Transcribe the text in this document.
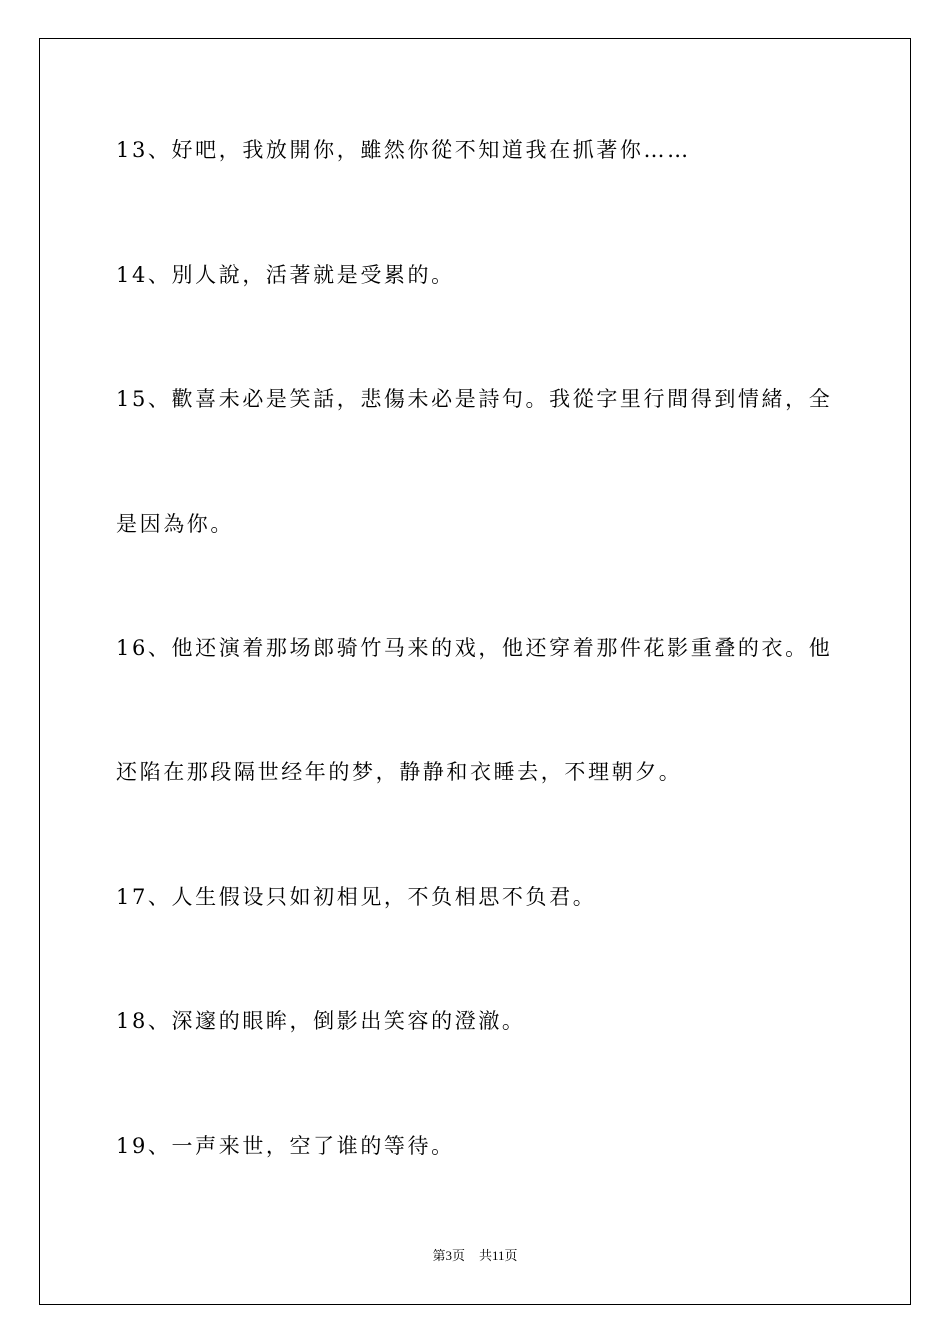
13、好吧，我放開你，雖然你從不知道我在抓著你……
14、別人說，活著就是受累的。
15、歡喜未必是笑話，悲傷未必是詩句。我從字里行間得到情緒，全
是因為你。
16、他还演着那场郎骑竹马来的戏，他还穿着那件花影重叠的衣。他
还陷在那段隔世经年的梦，静静和衣睡去，不理朝夕。
17、人生假设只如初相见，不负相思不负君。
18、深邃的眼眸，倒影出笑容的澄澈。
19、一声来世，空了谁的等待。
第3页 共11页
